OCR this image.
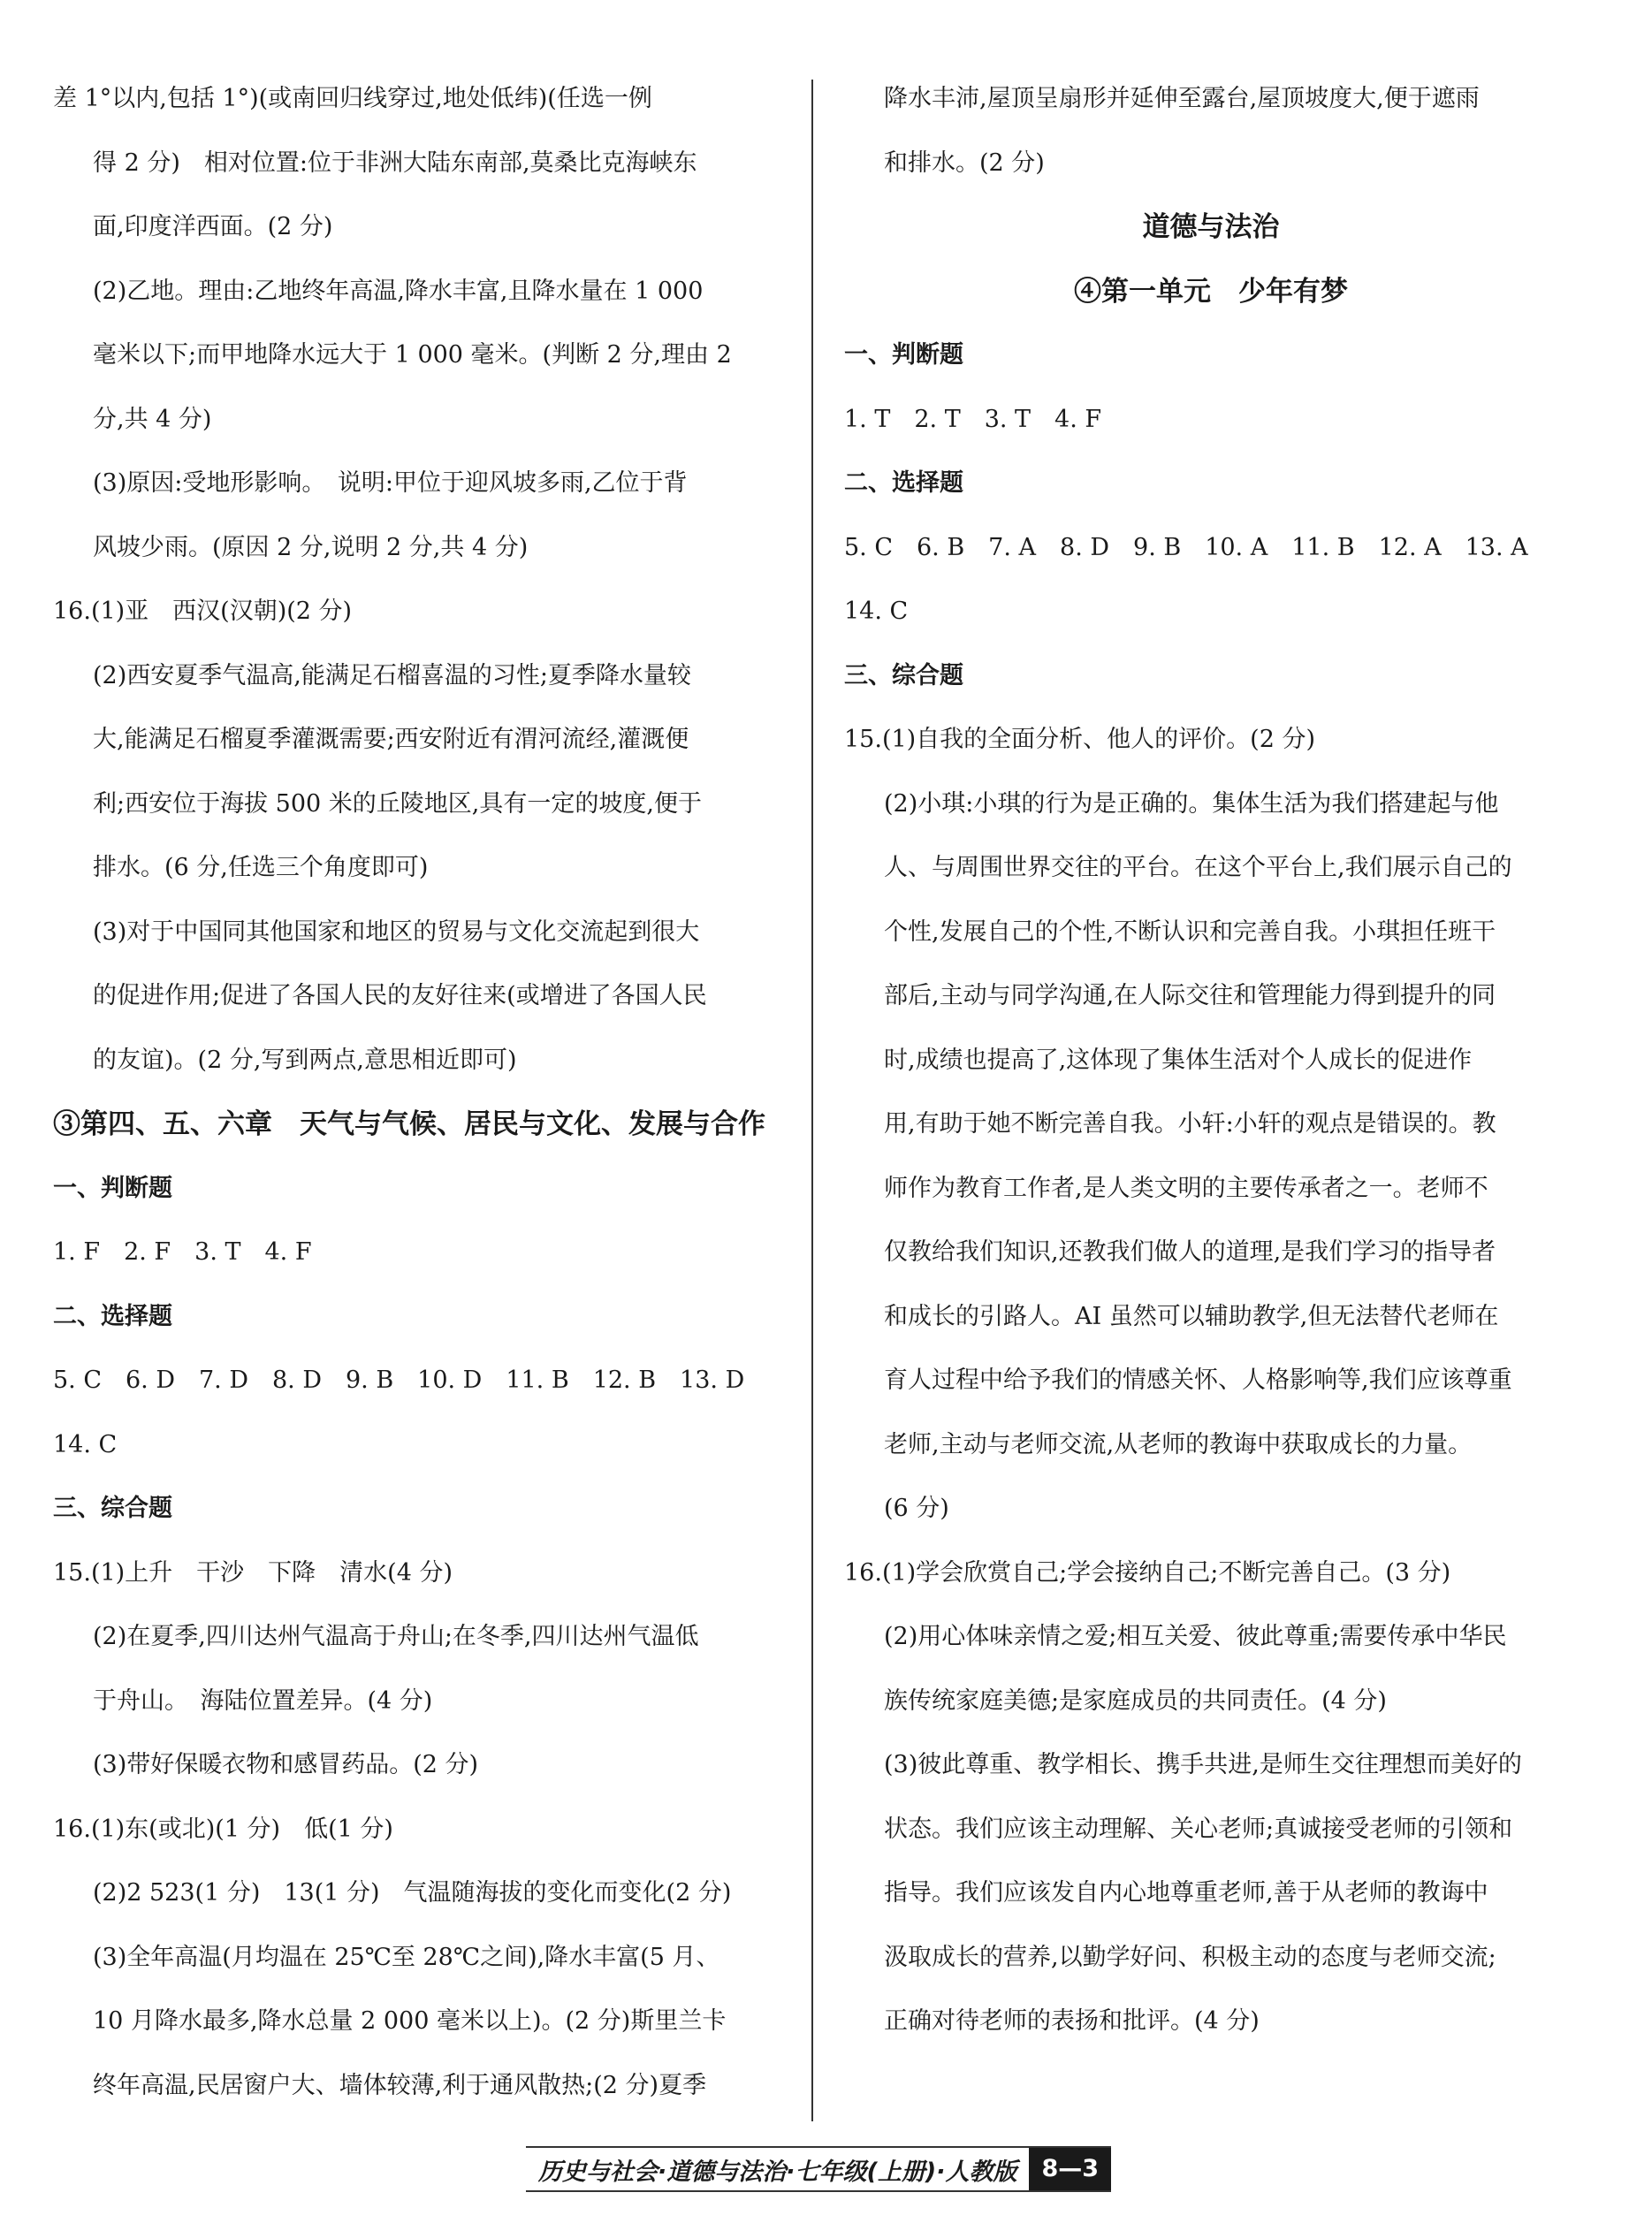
差 1°以内,包括 1°)(或南回归线穿过,地处低纬)(任选一例
得 2 分)　相对位置:位于非洲大陆东南部,莫桑比克海峡东
面,印度洋西面。(2 分)
(2)乙地。理由:乙地终年高温,降水丰富,且降水量在 1 000
毫米以下;而甲地降水远大于 1 000 毫米。(判断 2 分,理由 2
分,共 4 分)
(3)原因:受地形影响。　说明:甲位于迎风坡多雨,乙位于背
风坡少雨。(原因 2 分,说明 2 分,共 4 分)
16.(1)亚　西汉(汉朝)(2 分)
(2)西安夏季气温高,能满足石榴喜温的习性;夏季降水量较
大,能满足石榴夏季灌溉需要;西安附近有渭河流经,灌溉便
利;西安位于海拔 500 米的丘陵地区,具有一定的坡度,便于
排水。(6 分,任选三个角度即可)
(3)对于中国同其他国家和地区的贸易与文化交流起到很大
的促进作用;促进了各国人民的友好往来(或增进了各国人民
的友谊)。(2 分,写到两点,意思相近即可)
③第四、五、六章　天气与气候、居民与文化、发展与合作
一、判断题
1. F　2. F　3. T　4. F
二、选择题
5. C　6. D　7. D　8. D　9. B　10. D　11. B　12. B　13. D
14. C
三、综合题
15.(1)上升　干沙　下降　清水(4 分)
(2)在夏季,四川达州气温高于舟山;在冬季,四川达州气温低
于舟山。　海陆位置差异。(4 分)
(3)带好保暖衣物和感冒药品。(2 分)
16.(1)东(或北)(1 分)　低(1 分)
(2)2 523(1 分)　13(1 分)　气温随海拔的变化而变化(2 分)
(3)全年高温(月均温在 25℃至 28℃之间),降水丰富(5 月、
10 月降水最多,降水总量 2 000 毫米以上)。(2 分)斯里兰卡
终年高温,民居窗户大、墙体较薄,利于通风散热;(2 分)夏季
降水丰沛,屋顶呈扇形并延伸至露台,屋顶坡度大,便于遮雨
和排水。(2 分)
道德与法治
④第一单元　少年有梦
一、判断题
1. T　2. T　3. T　4. F
二、选择题
5. C　6. B　7. A　8. D　9. B　10. A　11. B　12. A　13. A
14. C
三、综合题
15.(1)自我的全面分析、他人的评价。(2 分)
(2)小琪:小琪的行为是正确的。集体生活为我们搭建起与他
人、与周围世界交往的平台。在这个平台上,我们展示自己的
个性,发展自己的个性,不断认识和完善自我。小琪担任班干
部后,主动与同学沟通,在人际交往和管理能力得到提升的同
时,成绩也提高了,这体现了集体生活对个人成长的促进作
用,有助于她不断完善自我。小轩:小轩的观点是错误的。教
师作为教育工作者,是人类文明的主要传承者之一。老师不
仅教给我们知识,还教我们做人的道理,是我们学习的指导者
和成长的引路人。AI 虽然可以辅助教学,但无法替代老师在
育人过程中给予我们的情感关怀、人格影响等,我们应该尊重
老师,主动与老师交流,从老师的教诲中获取成长的力量。
(6 分)
16.(1)学会欣赏自己;学会接纳自己;不断完善自己。(3 分)
(2)用心体味亲情之爱;相互关爱、彼此尊重;需要传承中华民
族传统家庭美德;是家庭成员的共同责任。(4 分)
(3)彼此尊重、教学相长、携手共进,是师生交往理想而美好的
状态。我们应该主动理解、关心老师;真诚接受老师的引领和
指导。我们应该发自内心地尊重老师,善于从老师的教诲中
汲取成长的营养,以勤学好问、积极主动的态度与老师交流;
正确对待老师的表扬和批评。(4 分)
历史与社会·道德与法治·七年级(上册)·人教版	8—3
